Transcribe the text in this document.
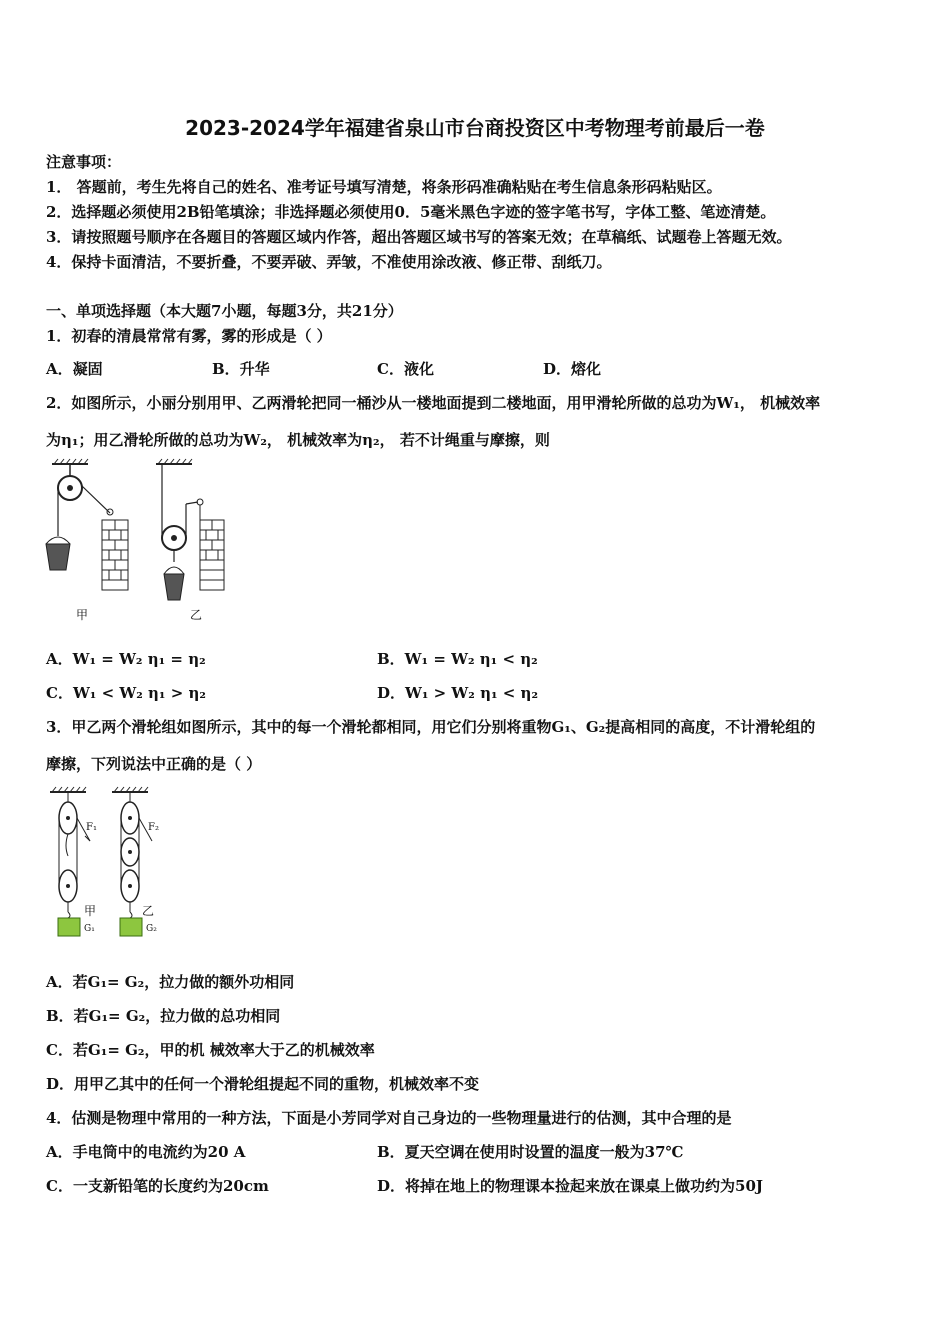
2023-2024学年福建省泉山市台商投资区中考物理考前最后一卷
注意事项：
1． 答题前，考生先将自己的姓名、准考证号填写清楚，将条形码准确粘贴在考生信息条形码粘贴区。
2．选择题必须使用2B铅笔填涂；非选择题必须使用0．5毫米黑色字迹的签字笔书写，字体工整、笔迹清楚。
3．请按照题号顺序在各题目的答题区域内作答，超出答题区域书写的答案无效；在草稿纸、试题卷上答题无效。
4．保持卡面清洁，不要折叠，不要弄破、弄皱，不准使用涂改液、修正带、刮纸刀。
一、单项选择题（本大题7小题，每题3分，共21分）
1．初春的清晨常常有雾，雾的形成是（ ）
A．凝固	B．升华	C．液化	D．熔化
2．如图所示，小丽分别用甲、乙两滑轮把同一桶沙从一楼地面提到二楼地面，用甲滑轮所做的总功为W₁， 机械效率
为η₁；用乙滑轮所做的总功为W₂， 机械效率为η₂， 若不计绳重与摩擦，则
甲	乙
A．W₁ = W₂ η₁ = η₂	B．W₁ = W₂ η₁ < η₂
C．W₁ < W₂ η₁ > η₂	D．W₁ > W₂ η₁ < η₂
3．甲乙两个滑轮组如图所示，其中的每一个滑轮都相同，用它们分别将重物G₁、G₂提高相同的高度，不计滑轮组的
摩擦，下列说法中正确的是（ ）
F₁	F₂
甲	乙
G₁	G₂
A．若G₁= G₂，拉力做的额外功相同
B．若G₁= G₂，拉力做的总功相同
C．若G₁= G₂，甲的机 械效率大于乙的机械效率
D．用甲乙其中的任何一个滑轮组提起不同的重物，机械效率不变
4．估测是物理中常用的一种方法，下面是小芳同学对自己身边的一些物理量进行的估测，其中合理的是
A．手电筒中的电流约为20 A	B．夏天空调在使用时设置的温度一般为37℃
C．一支新铅笔的长度约为20cm	D．将掉在地上的物理课本捡起来放在课桌上做功约为50J
